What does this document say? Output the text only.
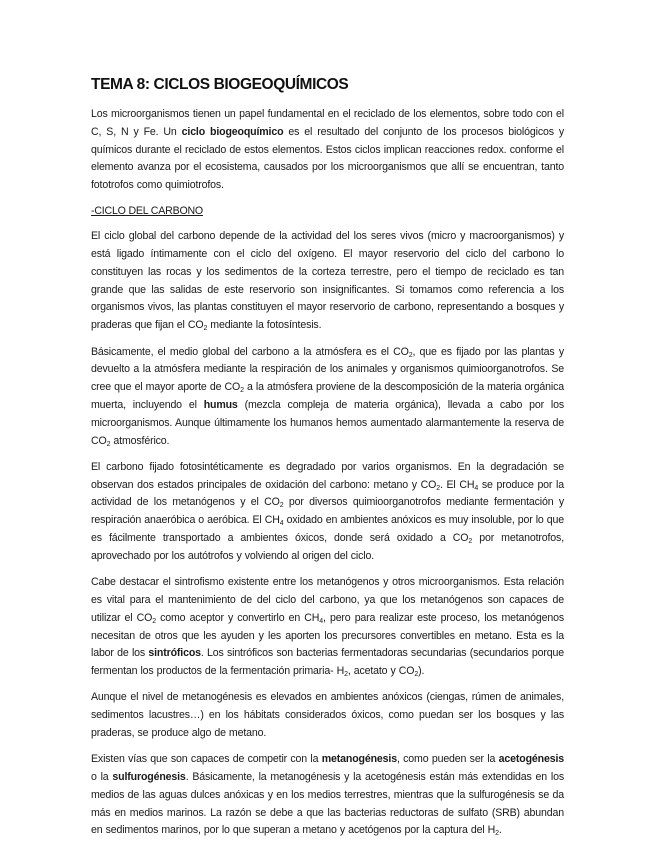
TEMA 8: CICLOS BIOGEOQUÍMICOS

Los microorganismos tienen un papel fundamental en el reciclado de los elementos, sobre todo con el C, S, N y Fe. Un ciclo biogeoquímico es el resultado del conjunto de los procesos biológicos y químicos durante el reciclado de estos elementos. Estos ciclos implican reacciones redox. conforme el elemento avanza por el ecosistema, causados por los microorganismos que allí se encuentran, tanto fototrofos como quimiotrofos.

-CICLO DEL CARBONO

El ciclo global del carbono depende de la actividad del los seres vivos (micro y macroorganismos) y está ligado íntimamente con el ciclo del oxígeno. El mayor reservorio del ciclo del carbono lo constituyen las rocas y los sedimentos de la corteza terrestre, pero el tiempo de reciclado es tan grande que las salidas de este reservorio son insignificantes. Si tomamos como referencia a los organismos vivos, las plantas constituyen el mayor reservorio de carbono, representando a bosques y praderas que fijan el $CO_2$ mediante la fotosíntesis.

Básicamente, el medio global del carbono a la atmósfera es el $CO_2$, que es fijado por las plantas y devuelto a la atmósfera mediante la respiración de los animales y organismos quimioorganotrofos. Se cree que el mayor aporte de $CO_2$ a la atmósfera proviene de la descomposición de la materia orgánica muerta, incluyendo el humus (mezcla compleja de materia orgánica), llevada a cabo por los microorganismos. Aunque últimamente los humanos hemos aumentado alarmantemente la reserva de $CO_2$ atmosférico.

El carbono fijado fotosintéticamente es degradado por varios organismos. En la degradación se observan dos estados principales de oxidación del carbono: metano y $CO_2$. El $CH_4$ se produce por la actividad de los metanógenos y el $CO_2$ por diversos quimioorganotrofos mediante fermentación y respiración anaeróbica o aeróbica. El $CH_4$ oxidado en ambientes anóxicos es muy insoluble, por lo que es fácilmente transportado a ambientes óxicos, donde será oxidado a $CO_2$ por metanotrofos, aprovechado por los autótrofos y volviendo al origen del ciclo.

Cabe destacar el sintrofismo existente entre los metanógenos y otros microorganismos. Esta relación es vital para el mantenimiento de del ciclo del carbono, ya que los metanógenos son capaces de utilizar el $CO_2$ como aceptor y convertirlo en $CH_4$, pero para realizar este proceso, los metanógenos necesitan de otros que les ayuden y les aporten los precursores convertibles en metano. Esta es la labor de los sintróficos. Los sintróficos son bacterias fermentadoras secundarias (secundarios porque fermentan los productos de la fermentación primaria- $H_2$, acetato y $CO_2$).

Aunque el nivel de metanogénesis es elevados en ambientes anóxicos (ciengas, rúmen de animales, sedimentos lacustres…) en los hábitats considerados óxicos, como puedan ser los bosques y las praderas, se produce algo de metano.

Existen vías que son capaces de competir con la metanogénesis, como pueden ser la acetogénesis o la sulfurogénesis. Básicamente, la metanogénesis y la acetogénesis están más extendidas en los medios de las aguas dulces anóxicas y en los medios terrestres, mientras que la sulfurogénesis se da más en medios marinos. La razón se debe a que las bacterias reductoras de sulfato (SRB) abundan en sedimentos marinos, por lo que superan a metano y acetógenos por la captura del $H_2$.
